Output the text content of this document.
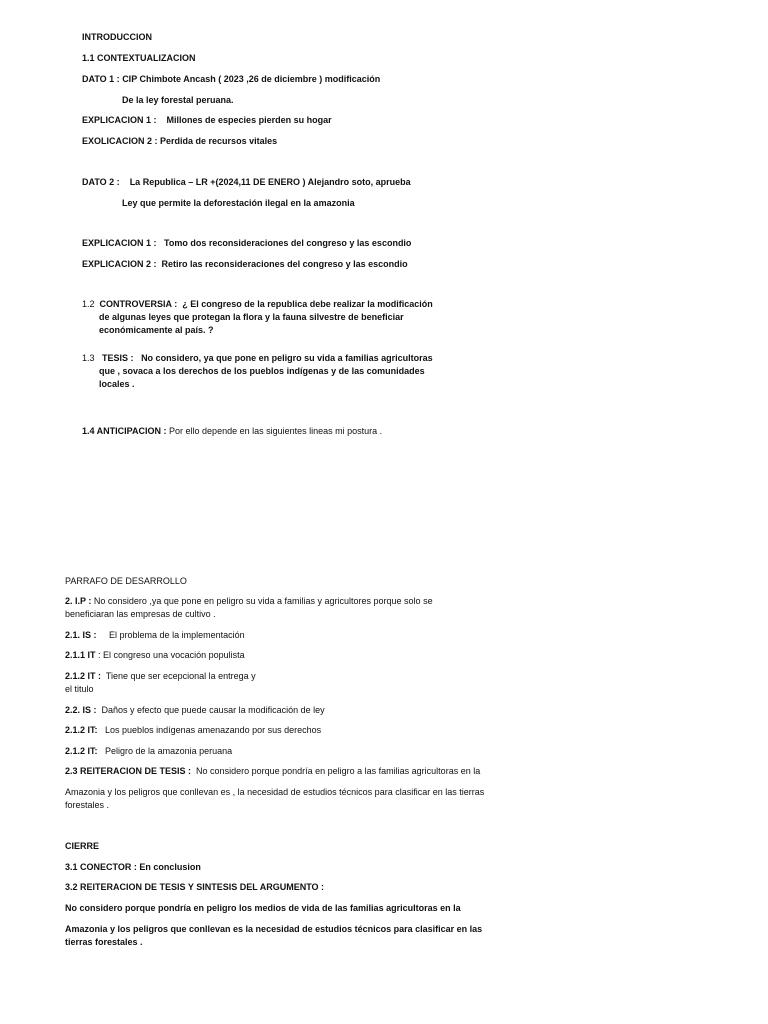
INTRODUCCION
1.1 CONTEXTUALIZACION
DATO 1 : CIP Chimbote Ancash ( 2023 ,26 de diciembre ) modificación
De la ley forestal peruana.
EXPLICACION 1 : Millones de especies pierden su hogar
EXOLICACION 2 : Perdida de recursos vitales
DATO 2 : La Republica – LR +(2024,11 DE ENERO ) Alejandro soto, aprueba
Ley que permite la deforestación ilegal en la amazonia
EXPLICACION 1 : Tomo dos reconsideraciones del congreso y las escondio
EXPLICACION 2 : Retiro las reconsideraciones del congreso y las escondio
1.2 CONTROVERSIA : ¿ El congreso de la republica debe realizar la modificación
de algunas leyes que protegan la flora y la fauna silvestre de beneficiar
económicamente al país. ?
1.3 TESIS : No considero, ya que pone en peligro su vida a familias agricultoras
que , sovaca a los derechos de los pueblos indígenas y de las comunidades
locales .
1.4 ANTICIPACION : Por ello depende en las siguientes lineas mi postura .
PARRAFO DE DESARROLLO
2. I.P : No considero ,ya que pone en peligro su vida a familias y agricultores porque solo se
beneficiaran las empresas de cultivo .
2.1. IS : El problema de la implementación
2.1.1 IT : El congreso una vocación populista
2.1.2 IT : Tiene que ser ecepcional la entrega y
el titulo
2.2. IS : Daños y efecto que puede causar la modificación de ley
2.1.2 IT: Los pueblos indígenas amenazando por sus derechos
2.1.2 IT: Peligro de la amazonia peruana
2.3 REITERACION DE TESIS : No considero porque pondría en peligro a las familias agricultoras en la
Amazonia y los peligros que conllevan es , la necesidad de estudios técnicos para clasificar en las tierras
forestales .
CIERRE
3.1 CONECTOR : En conclusion
3.2 REITERACION DE TESIS Y SINTESIS DEL ARGUMENTO :
No considero porque pondría en peligro los medios de vida de las familias agricultoras en la
Amazonia y los peligros que conllevan es la necesidad de estudios técnicos para clasificar en las
tierras forestales .
